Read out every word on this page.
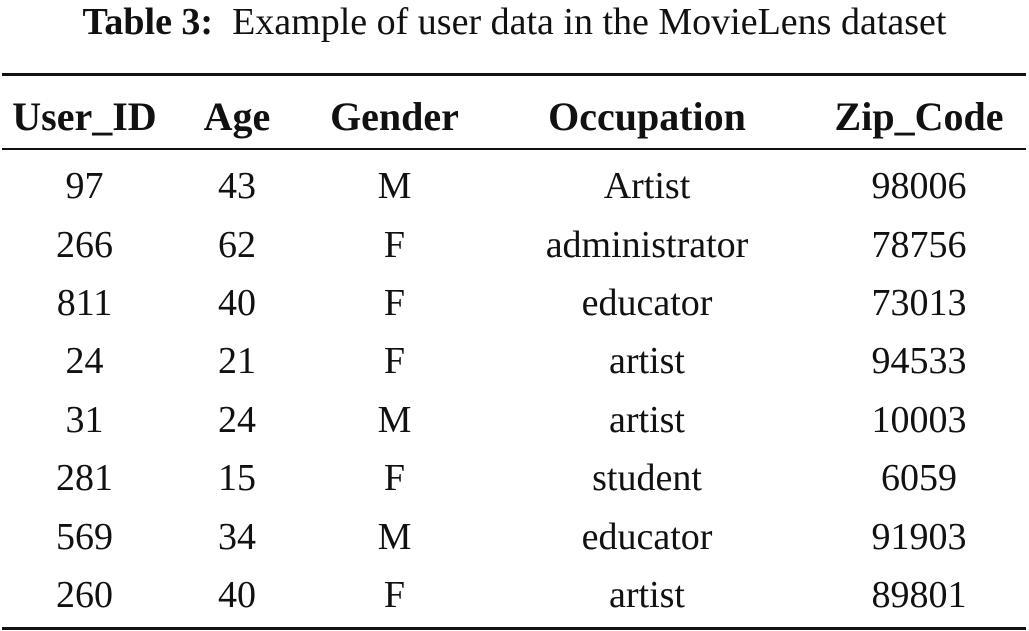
Table 3: Example of user data in the MovieLens dataset
User_ID	Age	Gender	Occupation	Zip_Code
97	43	M	Artist	98006
266	62	F	administrator	78756
811	40	F	educator	73013
24	21	F	artist	94533
31	24	M	artist	10003
281	15	F	student	6059
569	34	M	educator	91903
260	40	F	artist	89801
